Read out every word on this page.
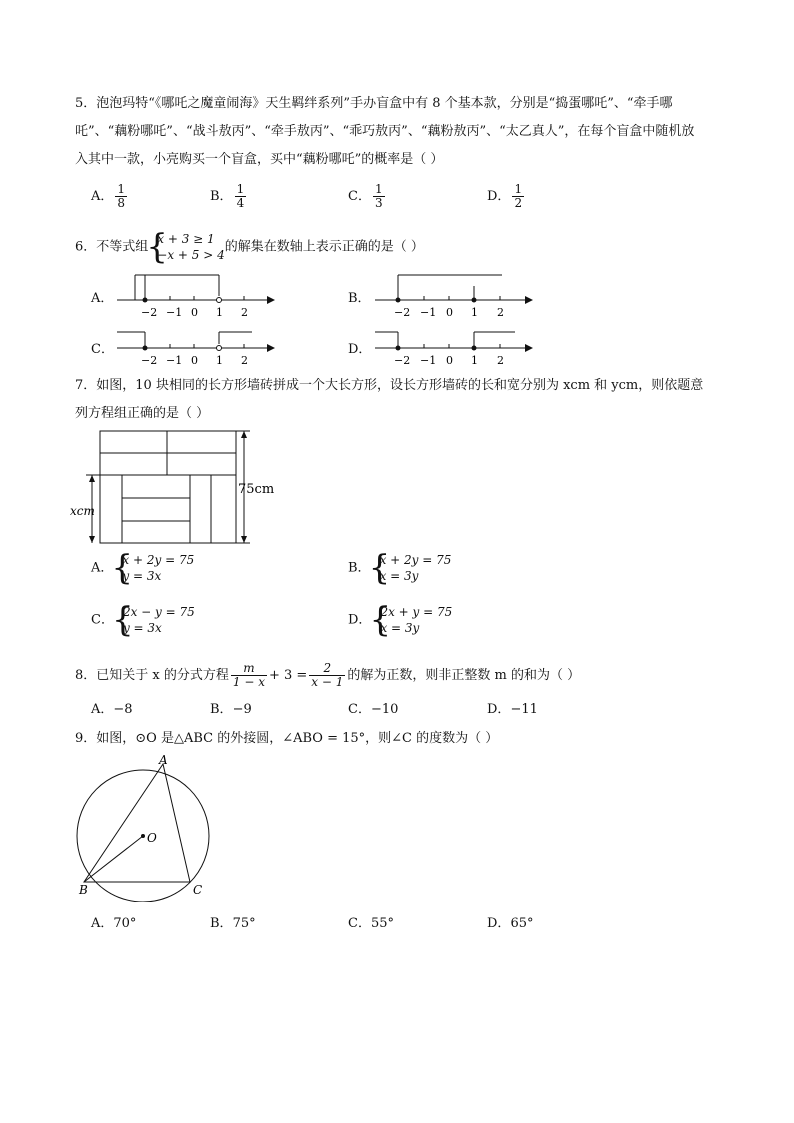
5．泡泡玛特“《哪吒之魔童闹海》天生羁绊系列”手办盲盒中有 8 个基本款，分别是“捣蛋哪吒”、“牵手哪
吒”、“藕粉哪吒”、“战斗敖丙”、“牵手敖丙”、“乖巧敖丙”、“藕粉敖丙”、“太乙真人”，在每个盲盒中随机放
入其中一款，小亮购买一个盲盒，买中“藕粉哪吒”的概率是（ ）
A． $\frac{1}{8}$	B． $\frac{1}{4}$	C． $\frac{1}{3}$	D． $\frac{1}{2}$
6．不等式组
{ x + 3 ≥ 1
−x + 5 > 4
的解集在数轴上表示正确的是（ ）
A．
−2 −1 0 1 2
B．
−2 −1 0 1 2
C．
−2 −1 0 1 2
D．
−2 −1 0 1 2
7．如图，10 块相同的长方形墙砖拼成一个大长方形，设长方形墙砖的长和宽分别为 xcm 和 ycm，则依题意
列方程组正确的是（ ）
75cm
xcm
A．
{ x + 2y = 75
y = 3x
B．
{ x + 2y = 75
x = 3y
C．
{ 2x − y = 75
y = 3x
D．
{ 2x + y = 75
x = 3y
8．已知关于 x 的分式方程 $\frac{m}{1 - x} + 3 = \frac{2}{x - 1}$ 的解为正数，则非正整数 m 的和为（ ）
A．−8	B．−9	C．−10	D．−11
9．如图，⊙O 是△ABC 的外接圆，∠ABO = 15°，则∠C 的度数为（ ）
A
B	C
O
A．70°	B．75°	C．55°	D．65°
